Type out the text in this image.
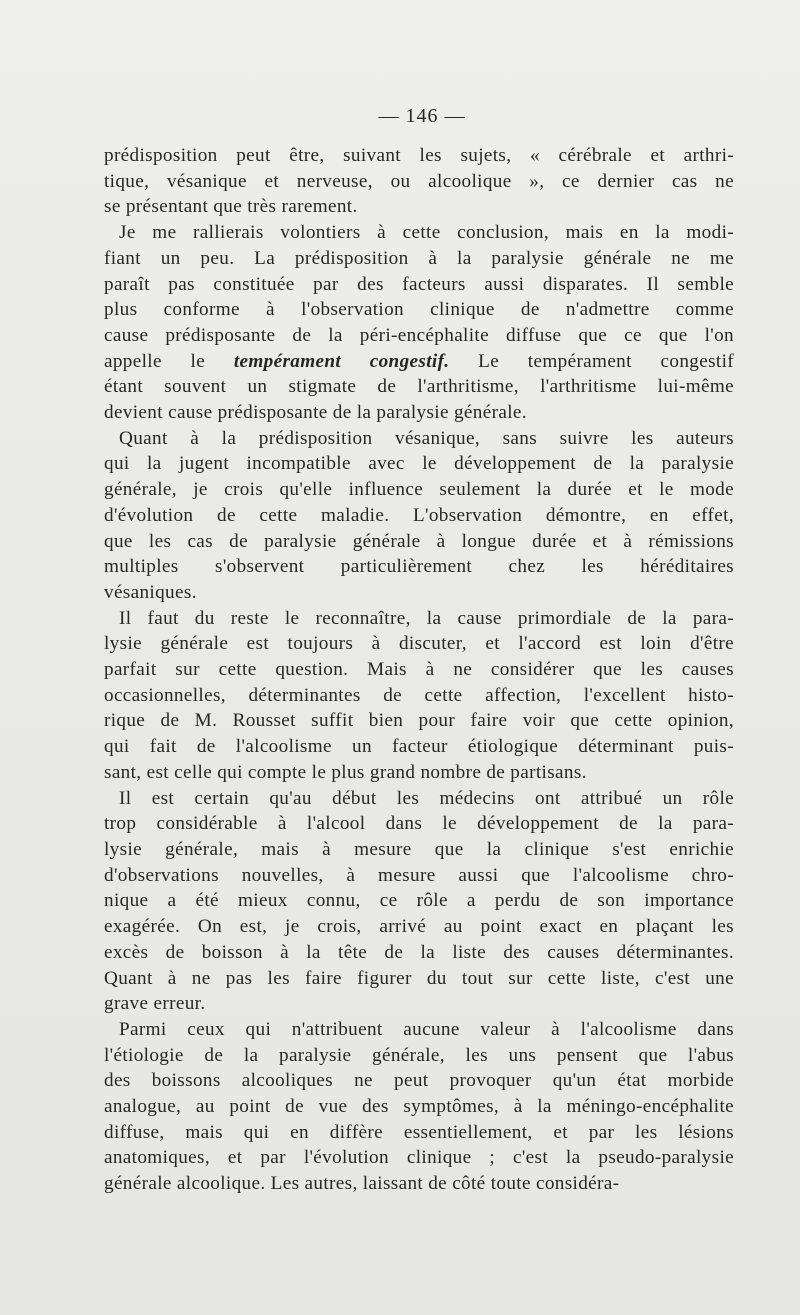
— 146 —
prédisposition peut être, suivant les sujets, « cérébrale et arthri-
tique, vésanique et nerveuse, ou alcoolique », ce dernier cas ne
se présentant que très rarement.
Je me rallierais volontiers à cette conclusion, mais en la modi-
fiant un peu. La prédisposition à la paralysie générale ne me
paraît pas constituée par des facteurs aussi disparates. Il semble
plus conforme à l'observation clinique de n'admettre comme
cause prédisposante de la péri-encéphalite diffuse que ce que l'on
appelle le tempérament congestif. Le tempérament congestif
étant souvent un stigmate de l'arthritisme, l'arthritisme lui-même
devient cause prédisposante de la paralysie générale.
Quant à la prédisposition vésanique, sans suivre les auteurs
qui la jugent incompatible avec le développement de la paralysie
générale, je crois qu'elle influence seulement la durée et le mode
d'évolution de cette maladie. L'observation démontre, en effet,
que les cas de paralysie générale à longue durée et à rémissions
multiples s'observent particulièrement chez les héréditaires
vésaniques.
Il faut du reste le reconnaître, la cause primordiale de la para-
lysie générale est toujours à discuter, et l'accord est loin d'être
parfait sur cette question. Mais à ne considérer que les causes
occasionnelles, déterminantes de cette affection, l'excellent histo-
rique de M. Rousset suffit bien pour faire voir que cette opinion,
qui fait de l'alcoolisme un facteur étiologique déterminant puis-
sant, est celle qui compte le plus grand nombre de partisans.
Il est certain qu'au début les médecins ont attribué un rôle
trop considérable à l'alcool dans le développement de la para-
lysie générale, mais à mesure que la clinique s'est enrichie
d'observations nouvelles, à mesure aussi que l'alcoolisme chro-
nique a été mieux connu, ce rôle a perdu de son importance
exagérée. On est, je crois, arrivé au point exact en plaçant les
excès de boisson à la tête de la liste des causes déterminantes.
Quant à ne pas les faire figurer du tout sur cette liste, c'est une
grave erreur.
Parmi ceux qui n'attribuent aucune valeur à l'alcoolisme dans
l'étiologie de la paralysie générale, les uns pensent que l'abus
des boissons alcooliques ne peut provoquer qu'un état morbide
analogue, au point de vue des symptômes, à la méningo-encéphalite
diffuse, mais qui en diffère essentiellement, et par les lésions
anatomiques, et par l'évolution clinique ; c'est la pseudo-paralysie
générale alcoolique. Les autres, laissant de côté toute considéra-
